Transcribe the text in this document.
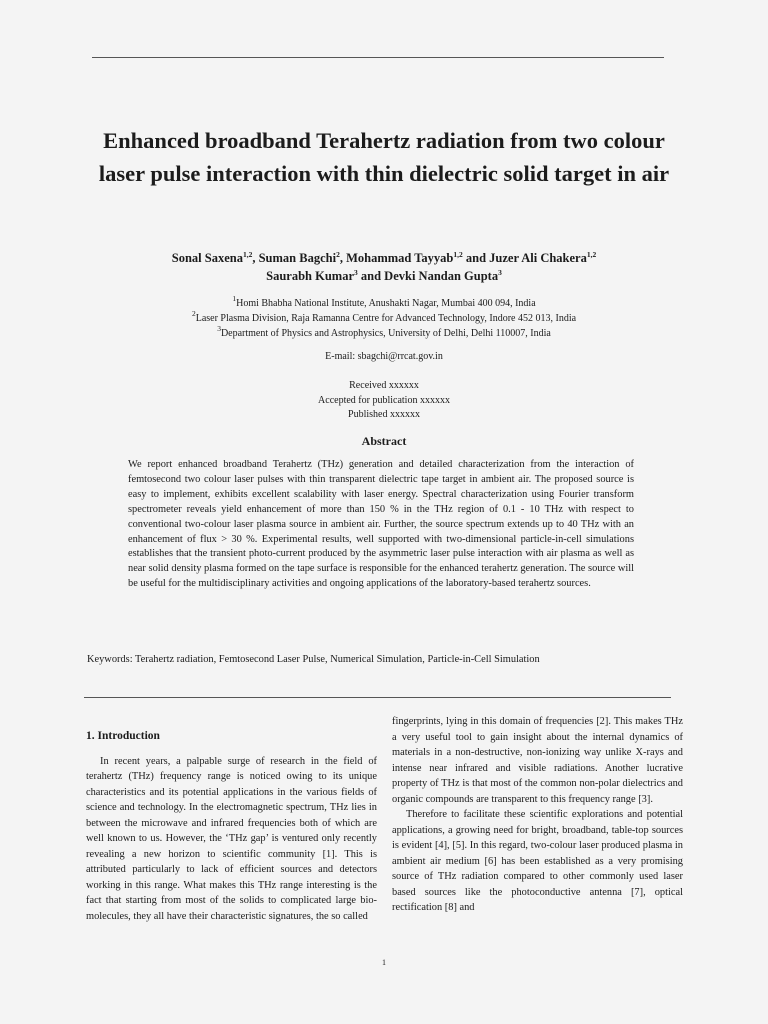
Enhanced broadband Terahertz radiation from two colour laser pulse interaction with thin dielectric solid target in air
Sonal Saxena$^{1,2}$, Suman Bagchi$^2$, Mohammad Tayyab$^{1,2}$ and Juzer Ali Chakera$^{1,2}$
Saurabh Kumar$^3$ and Devki Nandan Gupta$^3$
$^1$Homi Bhabha National Institute, Anushakti Nagar, Mumbai 400 094, India
$^2$Laser Plasma Division, Raja Ramanna Centre for Advanced Technology, Indore 452 013, India
$^3$Department of Physics and Astrophysics, University of Delhi, Delhi 110007, India
E-mail: sbagchi@rrcat.gov.in
Received xxxxxx
Accepted for publication xxxxxx
Published xxxxxx
Abstract
We report enhanced broadband Terahertz (THz) generation and detailed characterization from the interaction of femtosecond two colour laser pulses with thin transparent dielectric tape target in ambient air. The proposed source is easy to implement, exhibits excellent scalability with laser energy. Spectral characterization using Fourier transform spectrometer reveals yield enhancement of more than 150 % in the THz region of 0.1 - 10 THz with respect to conventional two-colour laser plasma source in ambient air. Further, the source spectrum extends up to 40 THz with an enhancement of flux > 30 %. Experimental results, well supported with two-dimensional particle-in-cell simulations establishes that the transient photo-current produced by the asymmetric laser pulse interaction with air plasma as well as near solid density plasma formed on the tape surface is responsible for the enhanced terahertz generation. The source will be useful for the multidisciplinary activities and ongoing applications of the laboratory-based terahertz sources.
Keywords: Terahertz radiation, Femtosecond Laser Pulse, Numerical Simulation, Particle-in-Cell Simulation
1. Introduction

In recent years, a palpable surge of research in the field of terahertz (THz) frequency range is noticed owing to its unique characteristics and its potential applications in the various fields of science and technology. In the electromagnetic spectrum, THz lies in between the microwave and infrared frequencies both of which are well known to us. However, the ‘THz gap’ is ventured only recently revealing a new horizon to scientific community [1]. This is attributed particularly to lack of efficient sources and detectors working in this range. What makes this THz range interesting is the fact that starting from most of the solids to complicated large bio-molecules, they all have their characteristic signatures, the so called

fingerprints, lying in this domain of frequencies [2]. This makes THz a very useful tool to gain insight about the internal dynamics of materials in a non-destructive, non-ionizing way unlike X-rays and intense near infrared and visible radiations. Another lucrative property of THz is that most of the common non-polar dielectrics and organic compounds are transparent to this frequency range [3].

Therefore to facilitate these scientific explorations and potential applications, a growing need for bright, broadband, table-top sources is evident [4], [5]. In this regard, two-colour laser produced plasma in ambient air medium [6] has been established as a very promising source of THz radiation compared to other commonly used laser based sources like the photoconductive antenna [7], optical rectification [8] and

1
